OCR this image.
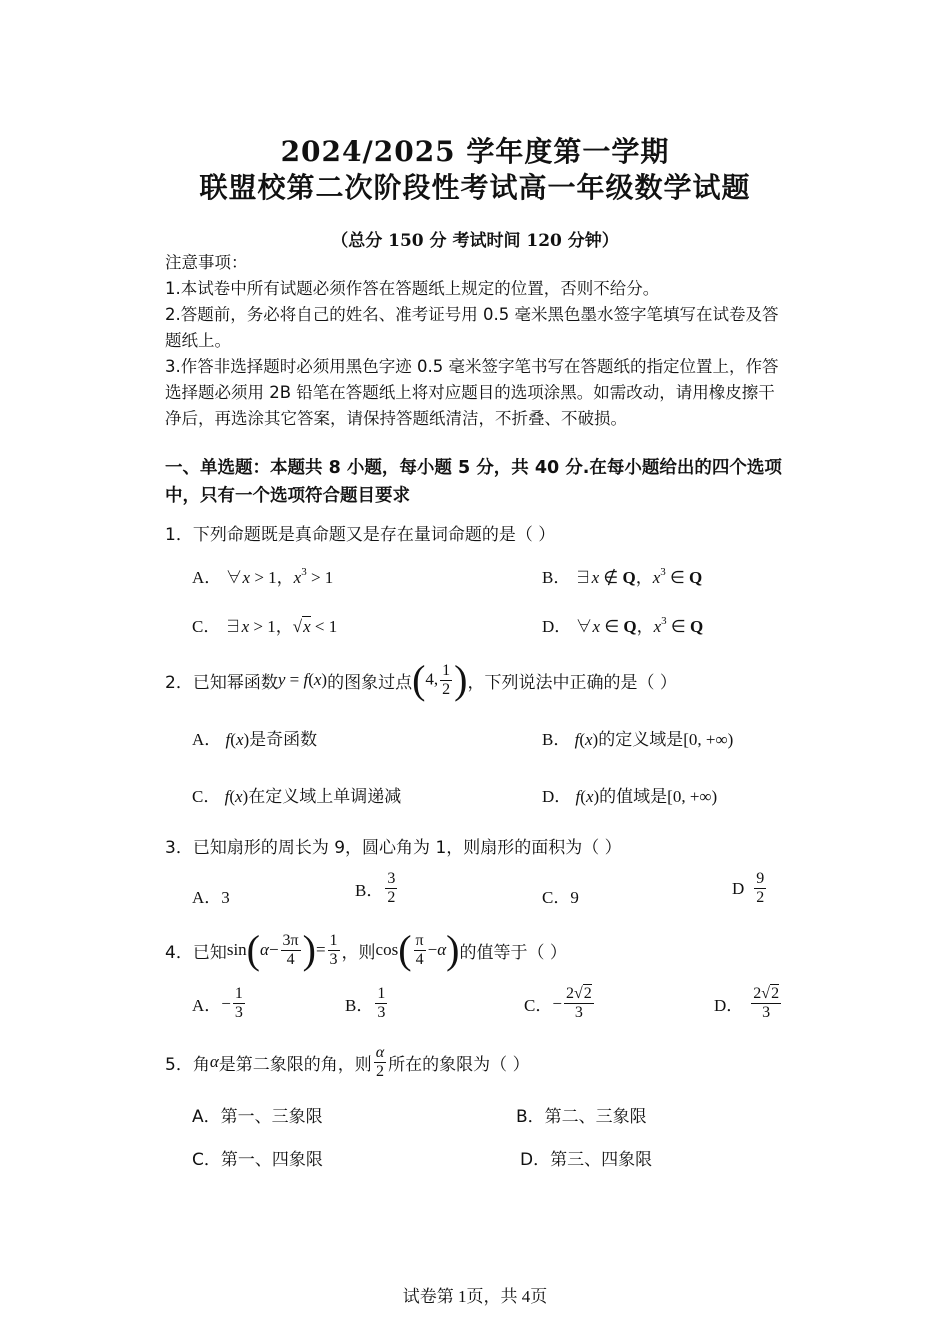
2024/2025 学年度第一学期
联盟校第二次阶段性考试高一年级数学试题
（总分 150 分 考试时间 120 分钟）
注意事项：
1.本试卷中所有试题必须作答在答题纸上规定的位置，否则不给分。
2.答题前，务必将自己的姓名、准考证号用 0.5 毫米黑色墨水签字笔填写在试卷及答题纸上。
3.作答非选择题时必须用黑色字迹 0.5 毫米签字笔书写在答题纸的指定位置上，作答选择题必须用 2B 铅笔在答题纸上将对应题目的选项涂黑。如需改动，请用橡皮擦干净后，再选涂其它答案，请保持答题纸清洁，不折叠、不破损。
一、单选题：本题共 8 小题，每小题 5 分，共 40 分.在每小题给出的四个选项中，只有一个选项符合题目要求
1．下列命题既是真命题又是存在量词命题的是（ ）
A． ∀x > 1，$x^3 > 1$	B． ∃x ∉ Q，$x^3$ ∈ Q
C． ∃x > 1，√x < 1	D． ∀x ∈ Q，$x^3$ ∈ Q
2．已知幂函数 y = f(x) 的图象过点 ( 4, $\frac{1}{2}$ ) ，下列说法中正确的是（ ）
A． f(x)是奇函数	B． f(x)的定义域是[0, +∞)
C． f(x)在定义域上单调递减	D． f(x)的值域是[0, +∞)
3．已知扇形的周长为 9，圆心角为 1，则扇形的面积为（ ）
A．3	B． $\frac{3}{2}$	C．9	D $\frac{9}{2}$
4．已知 sin ( $\alpha - \frac{3\pi}{4}$ ) = $\frac{1}{3}$ ，则 cos ( $\frac{\pi}{4} - \alpha$ ) 的值等于（ ）
A． − $\frac{1}{3}$	B． $\frac{1}{3}$	C． − $\frac{2√2}{3}$	D． $\frac{2√2}{3}$
5．角 α 是第二象限的角，则 $\frac{\alpha}{2}$ 所在的象限为（ ）
A．第一、三象限	B．第二、三象限
C．第一、四象限	D．第三、四象限
试卷第 1页，共 4页
